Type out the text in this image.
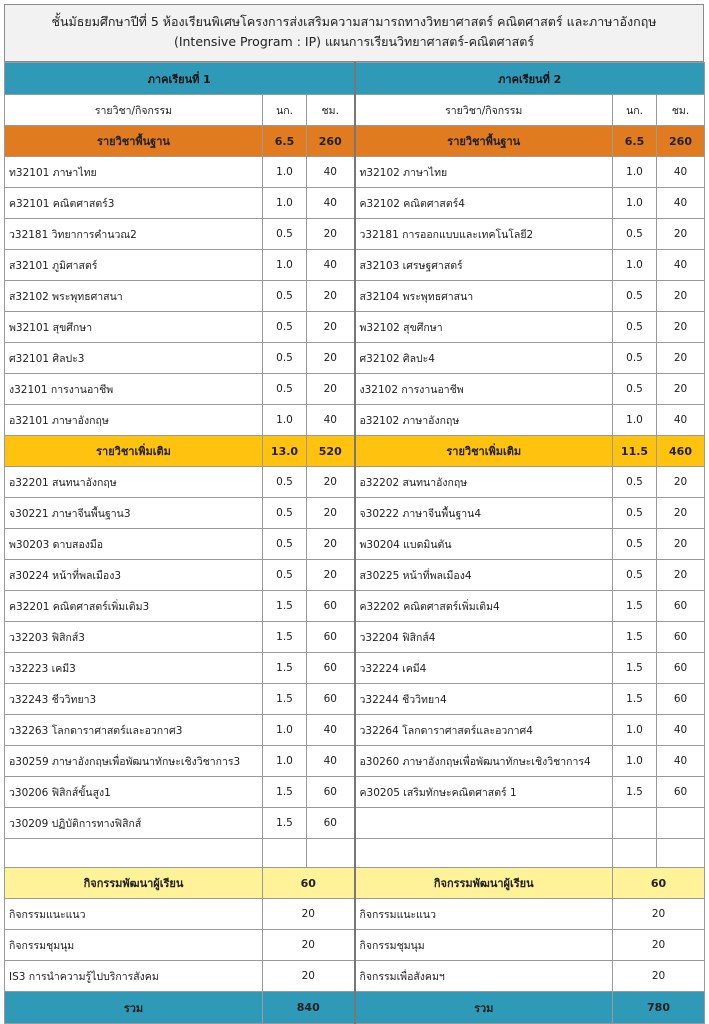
ชั้นมัธยมศึกษาปีที่ 5 ห้องเรียนพิเศษโครงการส่งเสริมความสามารถทางวิทยาศาสตร์ คณิตศาสตร์ และภาษาอังกฤษ
(Intensive Program : IP) แผนการเรียนวิทยาศาสตร์-คณิตศาสตร์
ภาคเรียนที่ 1			ภาคเรียนที่ 2		
รายวิชา/กิจกรรม	นก.	ชม.	รายวิชา/กิจกรรม	นก.	ชม.
รายวิชาพื้นฐาน	6.5	260	รายวิชาพื้นฐาน	6.5	260
ท32101 ภาษาไทย	1.0	40	ท32102 ภาษาไทย	1.0	40
ค32101 คณิตศาสตร์3	1.0	40	ค32102 คณิตศาสตร์4	1.0	40
ว32181 วิทยาการคำนวณ2	0.5	20	ว32181 การออกแบบและเทคโนโลยี2	0.5	20
ส32101 ภูมิศาสตร์	1.0	40	ส32103 เศรษฐศาสตร์	1.0	40
ส32102 พระพุทธศาสนา	0.5	20	ส32104 พระพุทธศาสนา	0.5	20
พ32101 สุขศึกษา	0.5	20	พ32102 สุขศึกษา	0.5	20
ศ32101 ศิลปะ3	0.5	20	ศ32102 ศิลปะ4	0.5	20
ง32101 การงานอาชีพ	0.5	20	ง32102 การงานอาชีพ	0.5	20
อ32101 ภาษาอังกฤษ	1.0	40	อ32102 ภาษาอังกฤษ	1.0	40
รายวิชาเพิ่มเติม	13.0	520	รายวิชาเพิ่มเติม	11.5	460
อ32201 สนทนาอังกฤษ	0.5	20	อ32202 สนทนาอังกฤษ	0.5	20
จ30221 ภาษาจีนพื้นฐาน3	0.5	20	จ30222 ภาษาจีนพื้นฐาน4	0.5	20
พ30203 ดาบสองมือ	0.5	20	พ30204 แบดมินตัน	0.5	20
ส30224 หน้าที่พลเมือง3	0.5	20	ส30225 หน้าที่พลเมือง4	0.5	20
ค32201 คณิตศาสตร์เพิ่มเติม3	1.5	60	ค32202 คณิตศาสตร์เพิ่มเติม4	1.5	60
ว32203 ฟิสิกส์3	1.5	60	ว32204 ฟิสิกส์4	1.5	60
ว32223 เคมี3	1.5	60	ว32224 เคมี4	1.5	60
ว32243 ชีววิทยา3	1.5	60	ว32244 ชีววิทยา4	1.5	60
ว32263 โลกดาราศาสตร์และอวกาศ3	1.0	40	ว32264 โลกดาราศาสตร์และอวกาศ4	1.0	40
อ30259 ภาษาอังกฤษเพื่อพัฒนาทักษะเชิงวิชาการ3	1.0	40	อ30260 ภาษาอังกฤษเพื่อพัฒนาทักษะเชิงวิชาการ4	1.0	40
ว30206 ฟิสิกส์ขั้นสูง1	1.5	60	ค30205 เสริมทักษะคณิตศาสตร์ 1	1.5	60
ว30209 ปฏิบัติการทางฟิสิกส์	1.5	60			

กิจกรรมพัฒนาผู้เรียน	60		กิจกรรมพัฒนาผู้เรียน	60	
กิจกรรมแนะแนว	20		กิจกรรมแนะแนว	20	
กิจกรรมชุมนุม	20		กิจกรรมชุมนุม	20	
IS3 การนำความรู้ไปบริการสังคม	20		กิจกรรมเพื่อสังคมฯ	20	
รวม	840		รวม	780	
